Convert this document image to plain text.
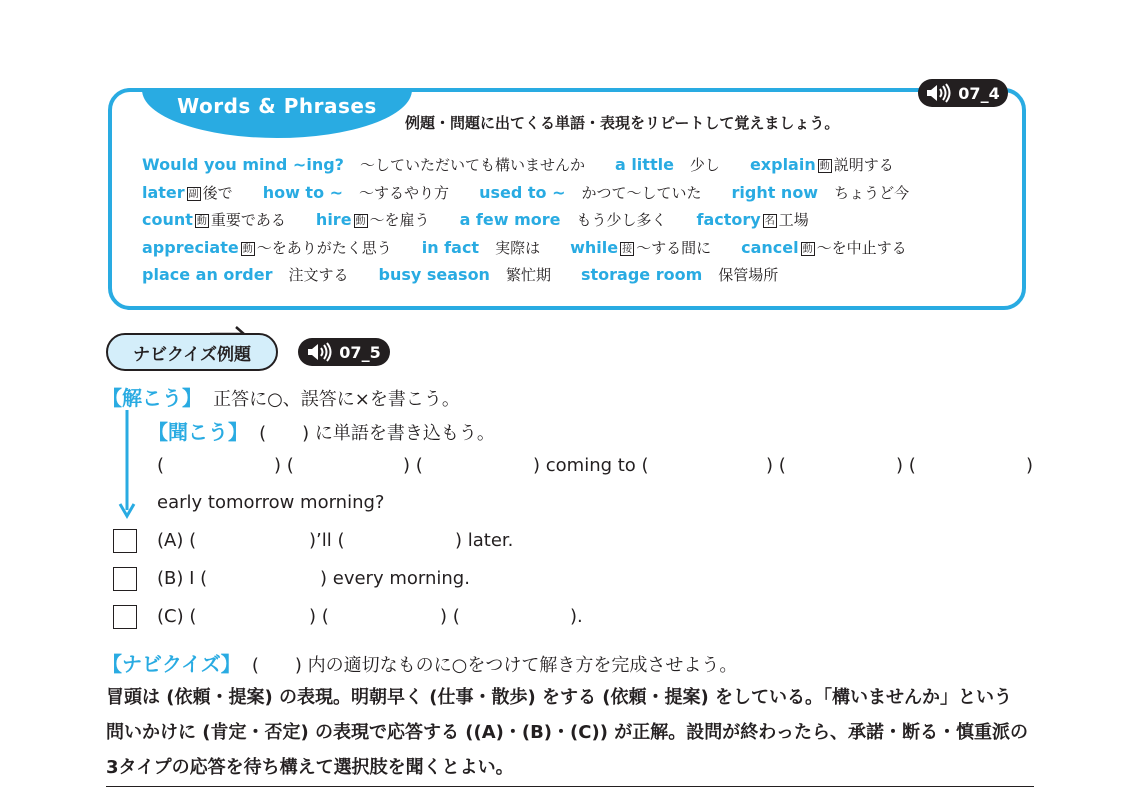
Words & Phrases
07_4
例題・問題に出てくる単語・表現をリピートして覚えましょう。
Would you mind ~ing? ～していただいても構いませんか a little 少し explain 動 説明する
later 副 後で how to ~ ～するやり方 used to ~ かつて～していた right now ちょうど今
count 動 重要である hire 動 ～を雇う a few more もう少し多く factory 名 工場
appreciate 動 ～をありがたく思う in fact 実際は while 接 ～する間に cancel 動 ～を中止する
place an order 注文する busy season 繁忙期 storage room 保管場所
ナビクイズ例題	07_5
【解こう】 正答に○、誤答に×を書こう。
【聞こう】 (　　) に単語を書き込もう。
(	) (	) (	) coming to (	) (	) (	)
early tomorrow morning?
(A) (	)’ll (	) later.
(B) I (	) every morning.
(C) (	) (	) (	).
【ナビクイズ】 (　　) 内の適切なものに○をつけて解き方を完成させよう。
冒頭は (依頼・提案) の表現。明朝早く (仕事・散歩) をする (依頼・提案) をしている。「構いませんか」という
問いかけに (肯定・否定) の表現で応答する ((A)・(B)・(C)) が正解。設問が終わったら、承諾・断る・慎重派の
3タイプの応答を待ち構えて選択肢を聞くとよい。
